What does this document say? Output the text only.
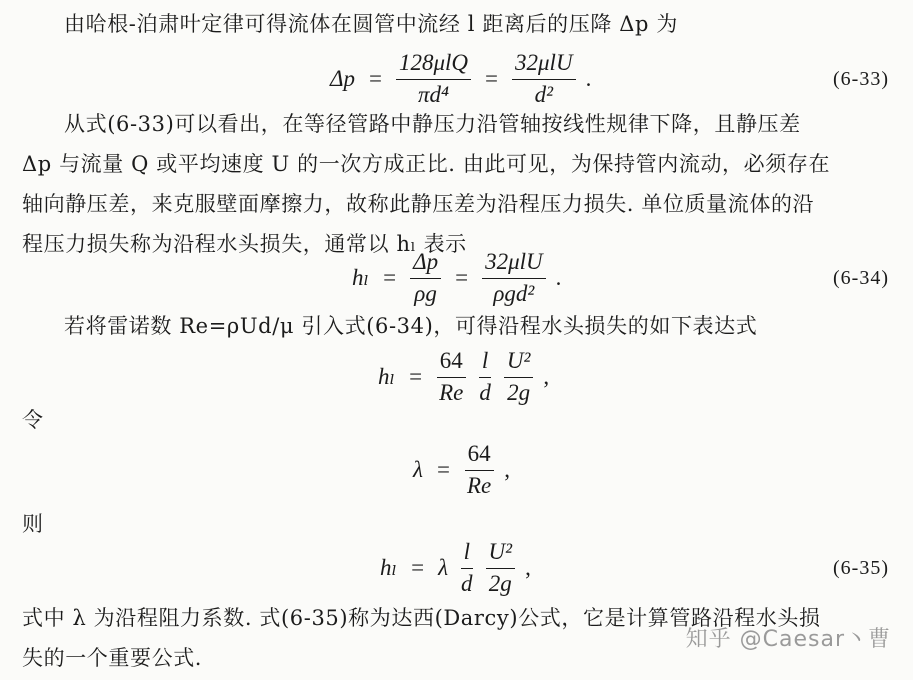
由哈根-泊肃叶定律可得流体在圆管中流经 l 距离后的压降 Δp 为
$\Delta p = \frac{\text{128μlQ}}{\text{πd⁴}} = \frac{\text{32μlU}}{\text{d²}}$ .	(6-33)
从式(6-33)可以看出，在等径管路中静压力沿管轴按线性规律下降，且静压差
Δp 与流量 Q 或平均速度 U 的一次方成正比. 由此可见，为保持管内流动，必须存在
轴向静压差，来克服壁面摩擦力，故称此静压差为沿程压力损失. 单位质量流体的沿
程压力损失称为沿程水头损失，通常以 hₗ 表示
$h_l = \frac{\Delta p}{\rho g} = \frac{\text{32μlU}}{\text{ρgd²}}$ .	(6-34)
若将雷诺数 Re=ρUd/μ 引入式(6-34)，可得沿程水头损失的如下表达式
$h_l = \frac{64}{Re} \frac{l}{d} \frac{\text{U²}}{2g}$ ,
令
$\lambda = \frac{64}{Re}$ ,
则
hₗ = λ $\frac{l}{d} \frac{\text{U²}}{2g}$ ,	(6-35)
式中 λ 为沿程阻力系数. 式(6-35)称为达西(Darcy)公式，它是计算管路沿程水头损
失的一个重要公式.
知乎 @Caesar丶曹
